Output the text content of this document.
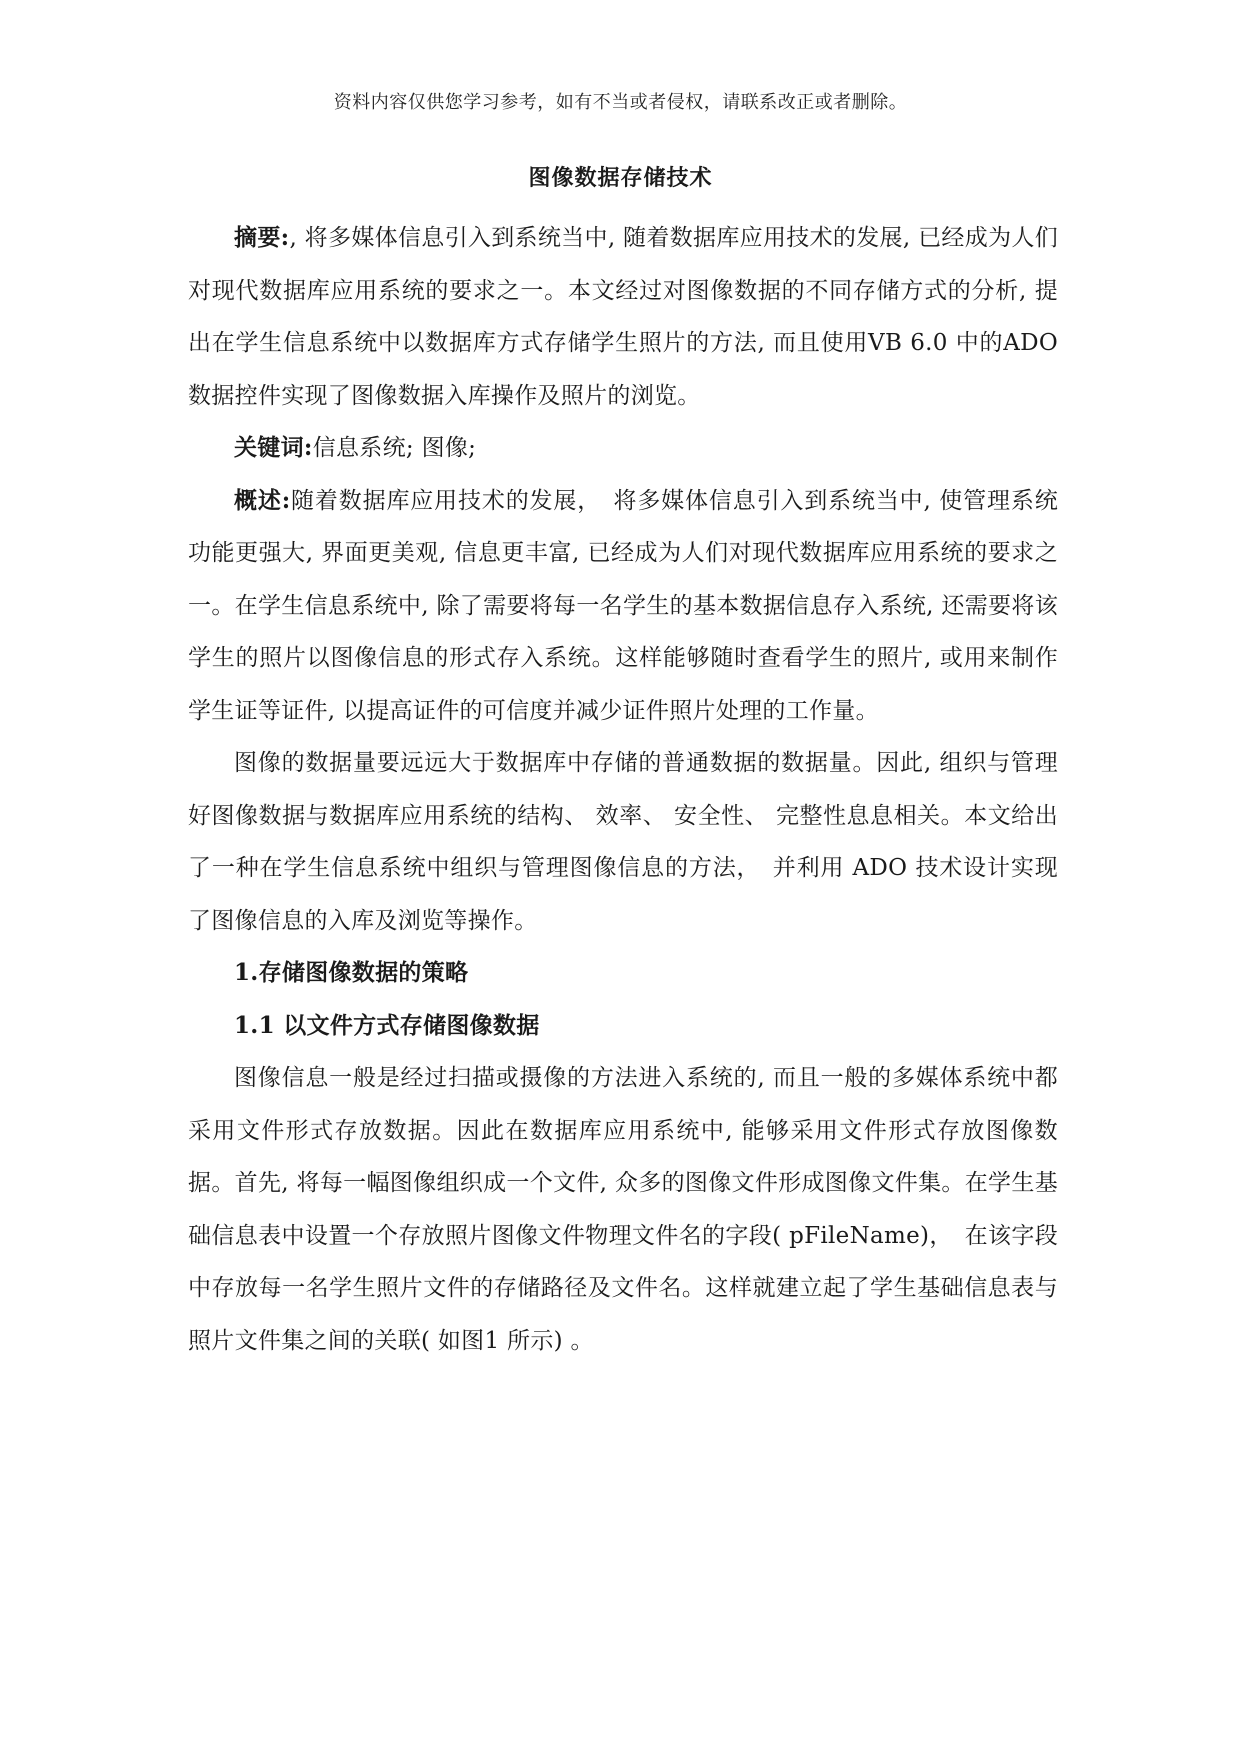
资料内容仅供您学习参考，如有不当或者侵权，请联系改正或者删除。
图像数据存储技术

摘要:, 将多媒体信息引入到系统当中, 随着数据库应用技术的发展, 已经成为人们对现代数据库应用系统的要求之一。本文经过对图像数据的不同存储方式的分析, 提出在学生信息系统中以数据库方式存储学生照片的方法, 而且使用VB 6.0 中的ADO 数据控件实现了图像数据入库操作及照片的浏览。

关键词:信息系统; 图像;

概述:随着数据库应用技术的发展，　将多媒体信息引入到系统当中, 使管理系统功能更强大, 界面更美观, 信息更丰富, 已经成为人们对现代数据库应用系统的要求之一。在学生信息系统中, 除了需要将每一名学生的基本数据信息存入系统, 还需要将该学生的照片以图像信息的形式存入系统。这样能够随时查看学生的照片, 或用来制作学生证等证件, 以提高证件的可信度并减少证件照片处理的工作量。

图像的数据量要远远大于数据库中存储的普通数据的数据量。因此, 组织与管理好图像数据与数据库应用系统的结构、 效率、 安全性、 完整性息息相关。本文给出了一种在学生信息系统中组织与管理图像信息的方法，　并利用 ADO 技术设计实现了图像信息的入库及浏览等操作。

1.存储图像数据的策略

1.1 以文件方式存储图像数据

图像信息一般是经过扫描或摄像的方法进入系统的, 而且一般的多媒体系统中都采用文件形式存放数据。因此在数据库应用系统中, 能够采用文件形式存放图像数据。首先, 将每一幅图像组织成一个文件, 众多的图像文件形成图像文件集。在学生基础信息表中设置一个存放照片图像文件物理文件名的字段( pFileName)，　在该字段中存放每一名学生照片文件的存储路径及文件名。这样就建立起了学生基础信息表与照片文件集之间的关联( 如图1 所示) 。
